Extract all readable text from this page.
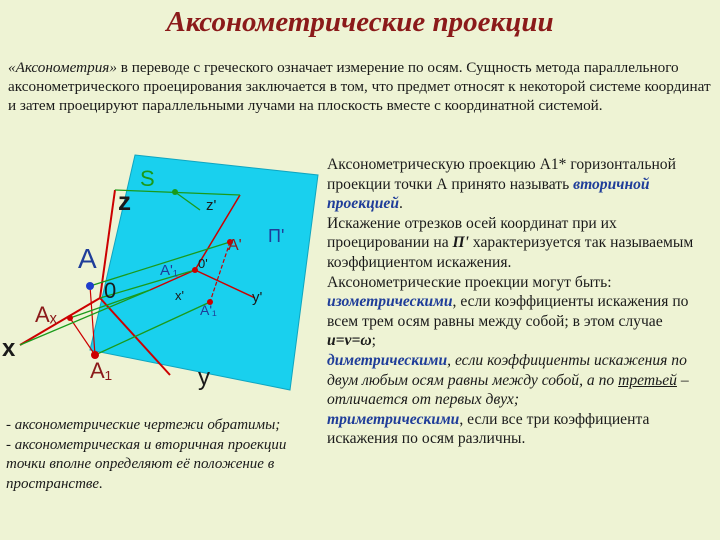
Аксонометрические проекции
«Аксонометрия» в переводе с греческого означает измерение по осям. Сущность метода параллельного аксонометрического проецирования заключается в том, что предмет относят к некоторой системе координат и затем проецируют параллельными лучами на плоскость вместе с координатной системой.
S
z	z'
П'
A'
A'₁ 0'
x'
A'₁
A
0
Aₓ
x
y'
A₁	y
Аксонометрическую проекцию А1* горизонтальной проекции точки А принято называть вторичной проекцией.
Искажение отрезков осей координат при их проецировании на П' характеризуется так называемым коэффициентом искажения.
Аксонометрические проекции могут быть:
изометрическими, если коэффициенты искажения по всем трем осям равны между собой; в этом случае u=v=ω;
диметрическими, если коэффициенты искажения по двум любым осям равны между собой, а по третьей – отличается от первых двух;
триметрическими, если все три коэффициента искажения по осям различны.
- аксонометрические чертежи обратимы;
- аксонометрическая и вторичная проекции точки вполне определяют её положение в пространстве.
